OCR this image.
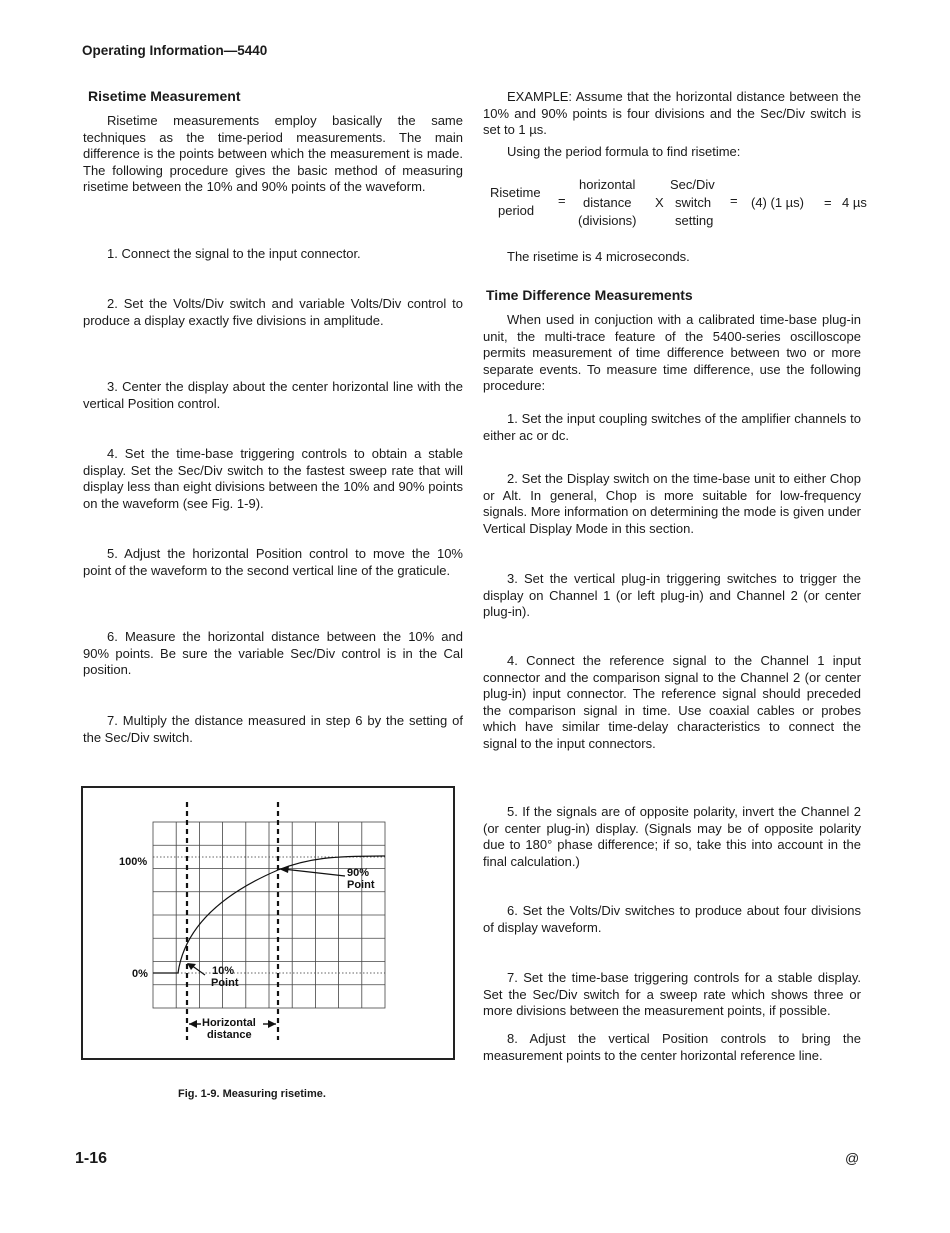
Operating Information—5440
Risetime Measurement
Risetime measurements employ basically the same techniques as the time-period measurements. The main difference is the points between which the measurement is made. The following procedure gives the basic method of measuring risetime between the 10% and 90% points of the waveform.
1. Connect the signal to the input connector.
2. Set the Volts/Div switch and variable Volts/Div control to produce a display exactly five divisions in amplitude.
3. Center the display about the center horizontal line with the vertical Position control.
4. Set the time-base triggering controls to obtain a stable display. Set the Sec/Div switch to the fastest sweep rate that will display less than eight divisions between the 10% and 90% points on the waveform (see Fig. 1-9).
5. Adjust the horizontal Position control to move the 10% point of the waveform to the second vertical line of the graticule.
6. Measure the horizontal distance between the 10% and 90% points. Be sure the variable Sec/Div control is in the Cal position.
7. Multiply the distance measured in step 6 by the setting of the Sec/Div switch.
100%
0%
90%
Point
10%
Point
Horizontal
distance
Fig. 1-9. Measuring risetime.
EXAMPLE: Assume that the horizontal distance between the 10% and 90% points is four divisions and the Sec/Div switch is set to 1 µs.
Using the period formula to find risetime:
Risetime
period
=
horizontal
distance
(divisions)
X
Sec/Div
switch
setting
= (4) (1 µs) = 4 µs
The risetime is 4 microseconds.
Time Difference Measurements
When used in conjuction with a calibrated time-base plug-in unit, the multi-trace feature of the 5400-series oscilloscope permits measurement of time difference between two or more separate events. To measure time difference, use the following procedure:
1. Set the input coupling switches of the amplifier channels to either ac or dc.
2. Set the Display switch on the time-base unit to either Chop or Alt. In general, Chop is more suitable for low-frequency signals. More information on determining the mode is given under Vertical Display Mode in this section.
3. Set the vertical plug-in triggering switches to trigger the display on Channel 1 (or left plug-in) and Channel 2 (or center plug-in).
4. Connect the reference signal to the Channel 1 input connector and the comparison signal to the Channel 2 (or center plug-in) input connector. The reference signal should preceded the comparison signal in time. Use coaxial cables or probes which have similar time-delay characteristics to connect the signal to the input connectors.
5. If the signals are of opposite polarity, invert the Channel 2 (or center plug-in) display. (Signals may be of opposite polarity due to 180° phase difference; if so, take this into account in the final calculation.)
6. Set the Volts/Div switches to produce about four divisions of display waveform.
7. Set the time-base triggering controls for a stable display. Set the Sec/Div switch for a sweep rate which shows three or more divisions between the measurement points, if possible.
8. Adjust the vertical Position controls to bring the measurement points to the center horizontal reference line.
1-16	@
